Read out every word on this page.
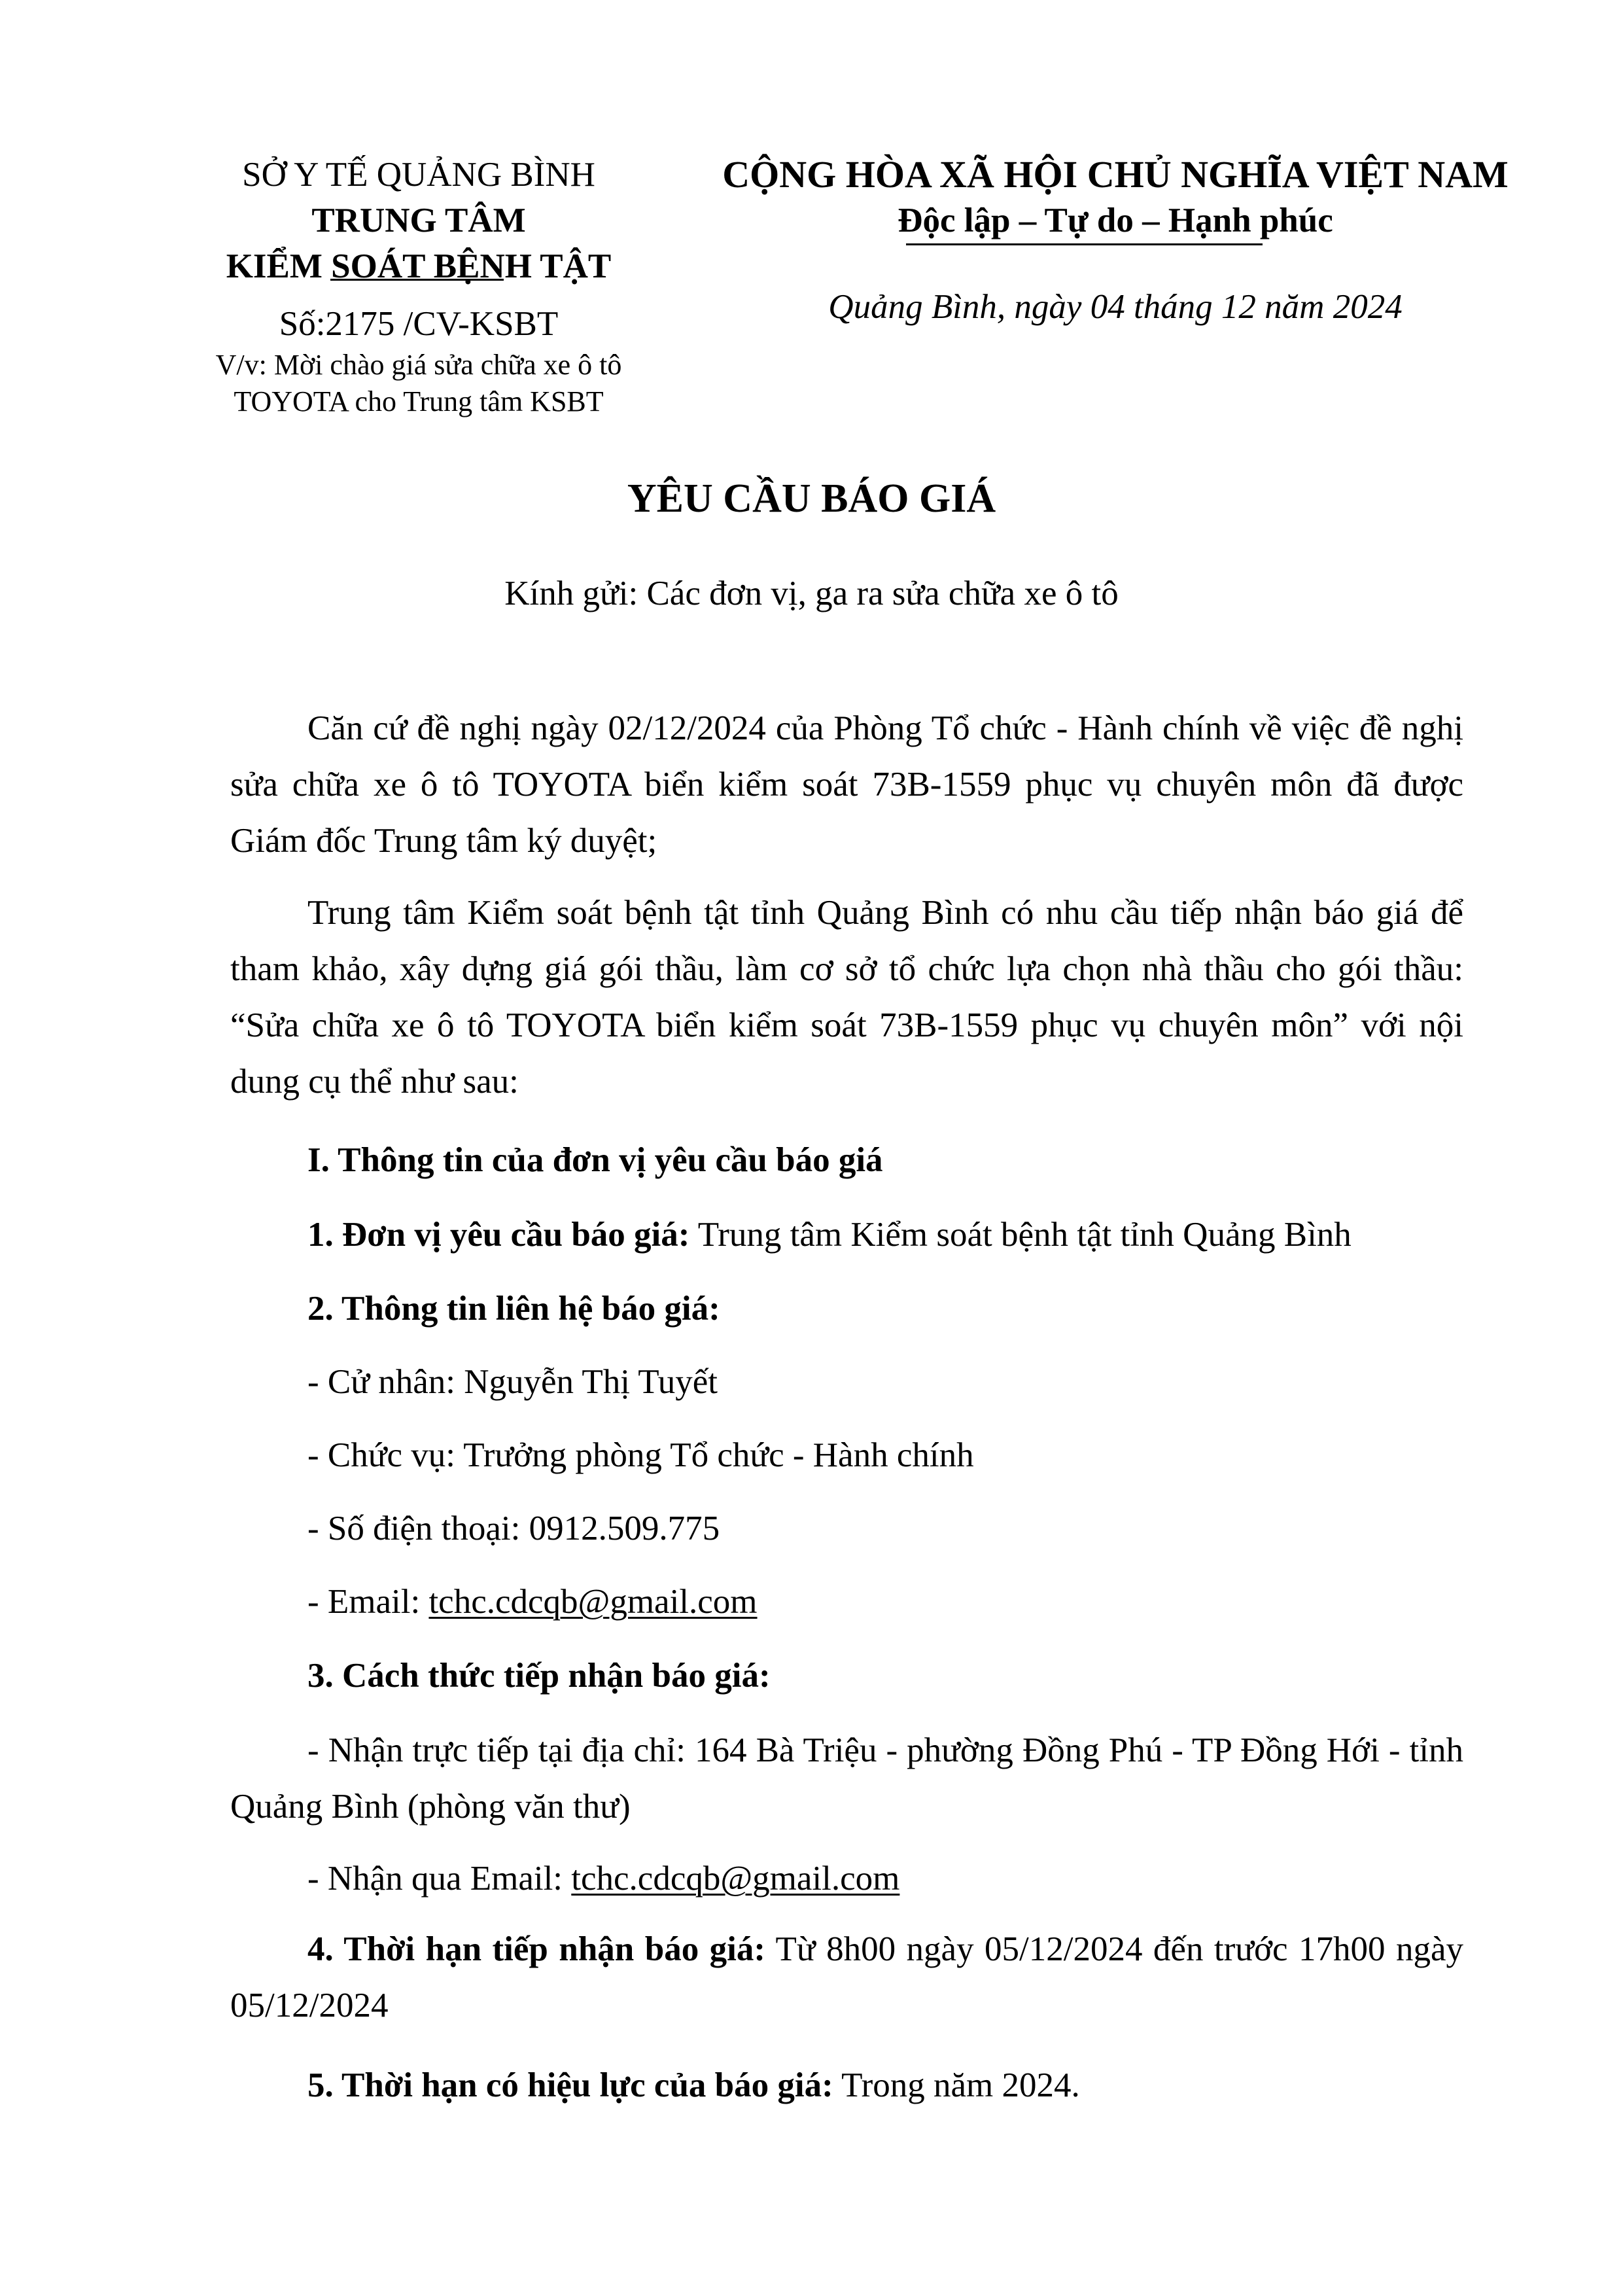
SỞ Y TẾ QUẢNG BÌNH
TRUNG TÂM
KIỂM SOÁT BỆNH TẬT
Số:2175 /CV-KSBT
V/v: Mời chào giá sửa chữa xe ô tô
TOYOTA cho Trung tâm KSBT
CỘNG HÒA XÃ HỘI CHỦ NGHĨA VIỆT NAM
Độc lập – Tự do – Hạnh phúc
Quảng Bình, ngày 04 tháng 12 năm 2024
YÊU CẦU BÁO GIÁ
Kính gửi: Các đơn vị, ga ra sửa chữa xe ô tô
Căn cứ đề nghị ngày 02/12/2024 của Phòng Tổ chức - Hành chính về việc đề nghị sửa chữa xe ô tô TOYOTA biển kiểm soát 73B-1559 phục vụ chuyên môn đã được Giám đốc Trung tâm ký duyệt;
Trung tâm Kiểm soát bệnh tật tỉnh Quảng Bình có nhu cầu tiếp nhận báo giá để tham khảo, xây dựng giá gói thầu, làm cơ sở tổ chức lựa chọn nhà thầu cho gói thầu: “Sửa chữa xe ô tô TOYOTA biển kiểm soát 73B-1559 phục vụ chuyên môn” với nội dung cụ thể như sau:
I. Thông tin của đơn vị yêu cầu báo giá
1. Đơn vị yêu cầu báo giá: Trung tâm Kiểm soát bệnh tật tỉnh Quảng Bình
2. Thông tin liên hệ báo giá:
- Cử nhân: Nguyễn Thị Tuyết
- Chức vụ: Trưởng phòng Tổ chức - Hành chính
- Số điện thoại: 0912.509.775
- Email: tchc.cdcqb@gmail.com
3. Cách thức tiếp nhận báo giá:
- Nhận trực tiếp tại địa chỉ: 164 Bà Triệu - phường Đồng Phú - TP Đồng Hới - tỉnh Quảng Bình (phòng văn thư)
- Nhận qua Email: tchc.cdcqb@gmail.com
4. Thời hạn tiếp nhận báo giá: Từ 8h00 ngày 05/12/2024 đến trước 17h00 ngày 05/12/2024
5. Thời hạn có hiệu lực của báo giá: Trong năm 2024.
